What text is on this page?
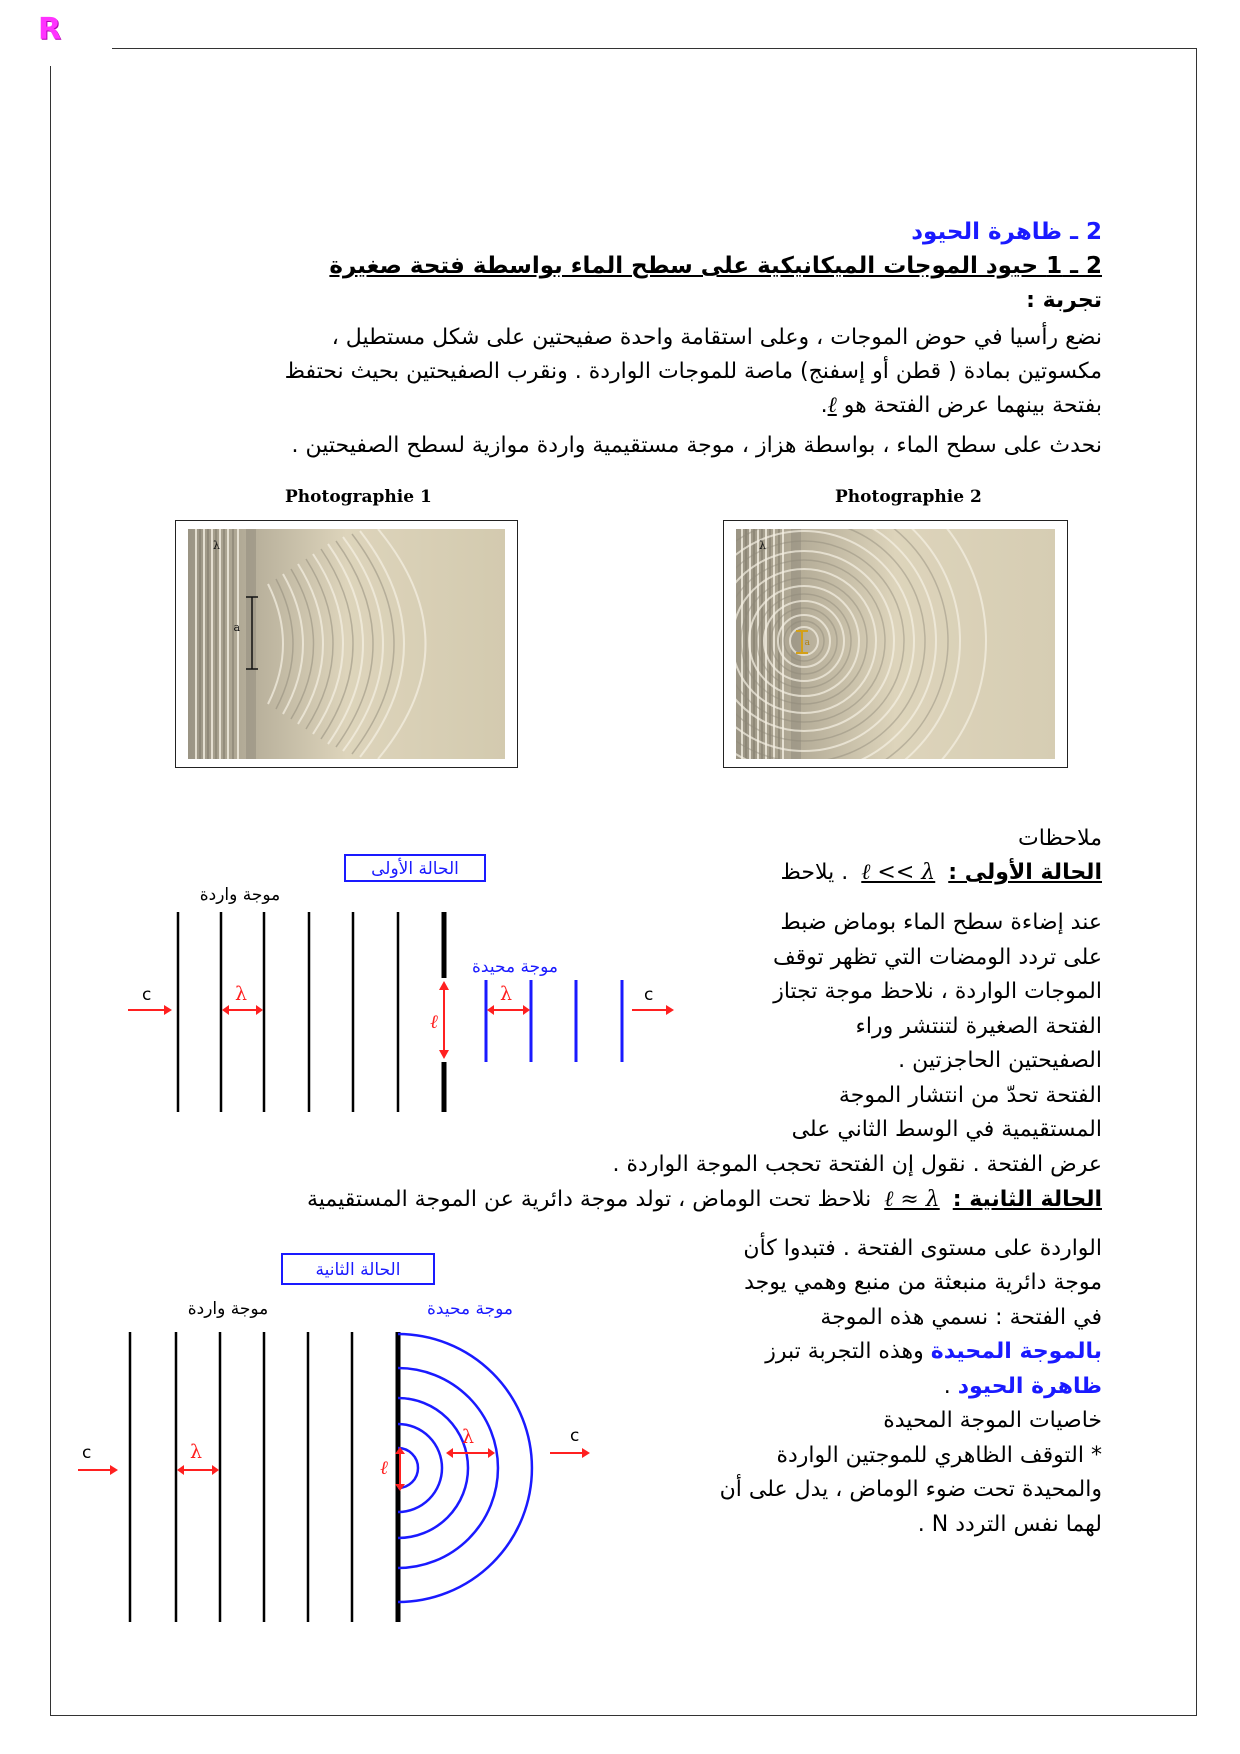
R
2 ـ ظاهرة الحيود
2 ـ 1 حيود الموجات الميكانيكية على سطح الماء بواسطة فتحة صغيرة
تجربة :
نضع رأسيا في حوض الموجات ، وعلى استقامة واحدة صفيحتين على شكل مستطيل ،
مكسوتين بمادة ( قطن أو إسفنج) ماصة للموجات الواردة . ونقرب الصفيحتين بحيث نحتفظ
بفتحة بينهما عرض الفتحة هو ℓ.
نحدث على سطح الماء ، بواسطة هزاز ، موجة مستقيمية واردة موازية لسطح الصفيحتين .
Photographie 1	Photographie 2
a
λ
a
λ
ملاحظات
الحالة الأولى : ℓ << λ . يلاحظ
عند إضاءة سطح الماء بوماض ضبط
على تردد الومضات التي تظهر توقف
الموجات الواردة ، نلاحظ موجة تجتاز
الفتحة الصغيرة لتنتشر وراء
الصفيحتين الحاجزتين .
الفتحة تحدّ من انتشار الموجة
المستقيمية في الوسط الثاني على
عرض الفتحة . نقول إن الفتحة تحجب الموجة الواردة .
الحالة الثانية : ℓ ≈ λ نلاحظ تحت الوماض ، تولد موجة دائرية عن الموجة المستقيمية
الواردة على مستوى الفتحة . فتبدوا كأن
موجة دائرية منبعثة من منبع وهمي يوجد
في الفتحة : نسمي هذه الموجة
بالموجة المحيدة وهذه التجربة تبرز
ظاهرة الحيود .
خاصيات الموجة المحيدة
* التوقف الظاهري للموجتين الواردة
والمحيدة تحت ضوء الوماض ، يدل على أن
لهما نفس التردد N .
الحالة الأولى
موجة واردة
موجة محيدة
c	c
λ	λ
ℓ
الحالة الثانية
موجة واردة	موجة محيدة
c
c
λ
λ
ℓ
